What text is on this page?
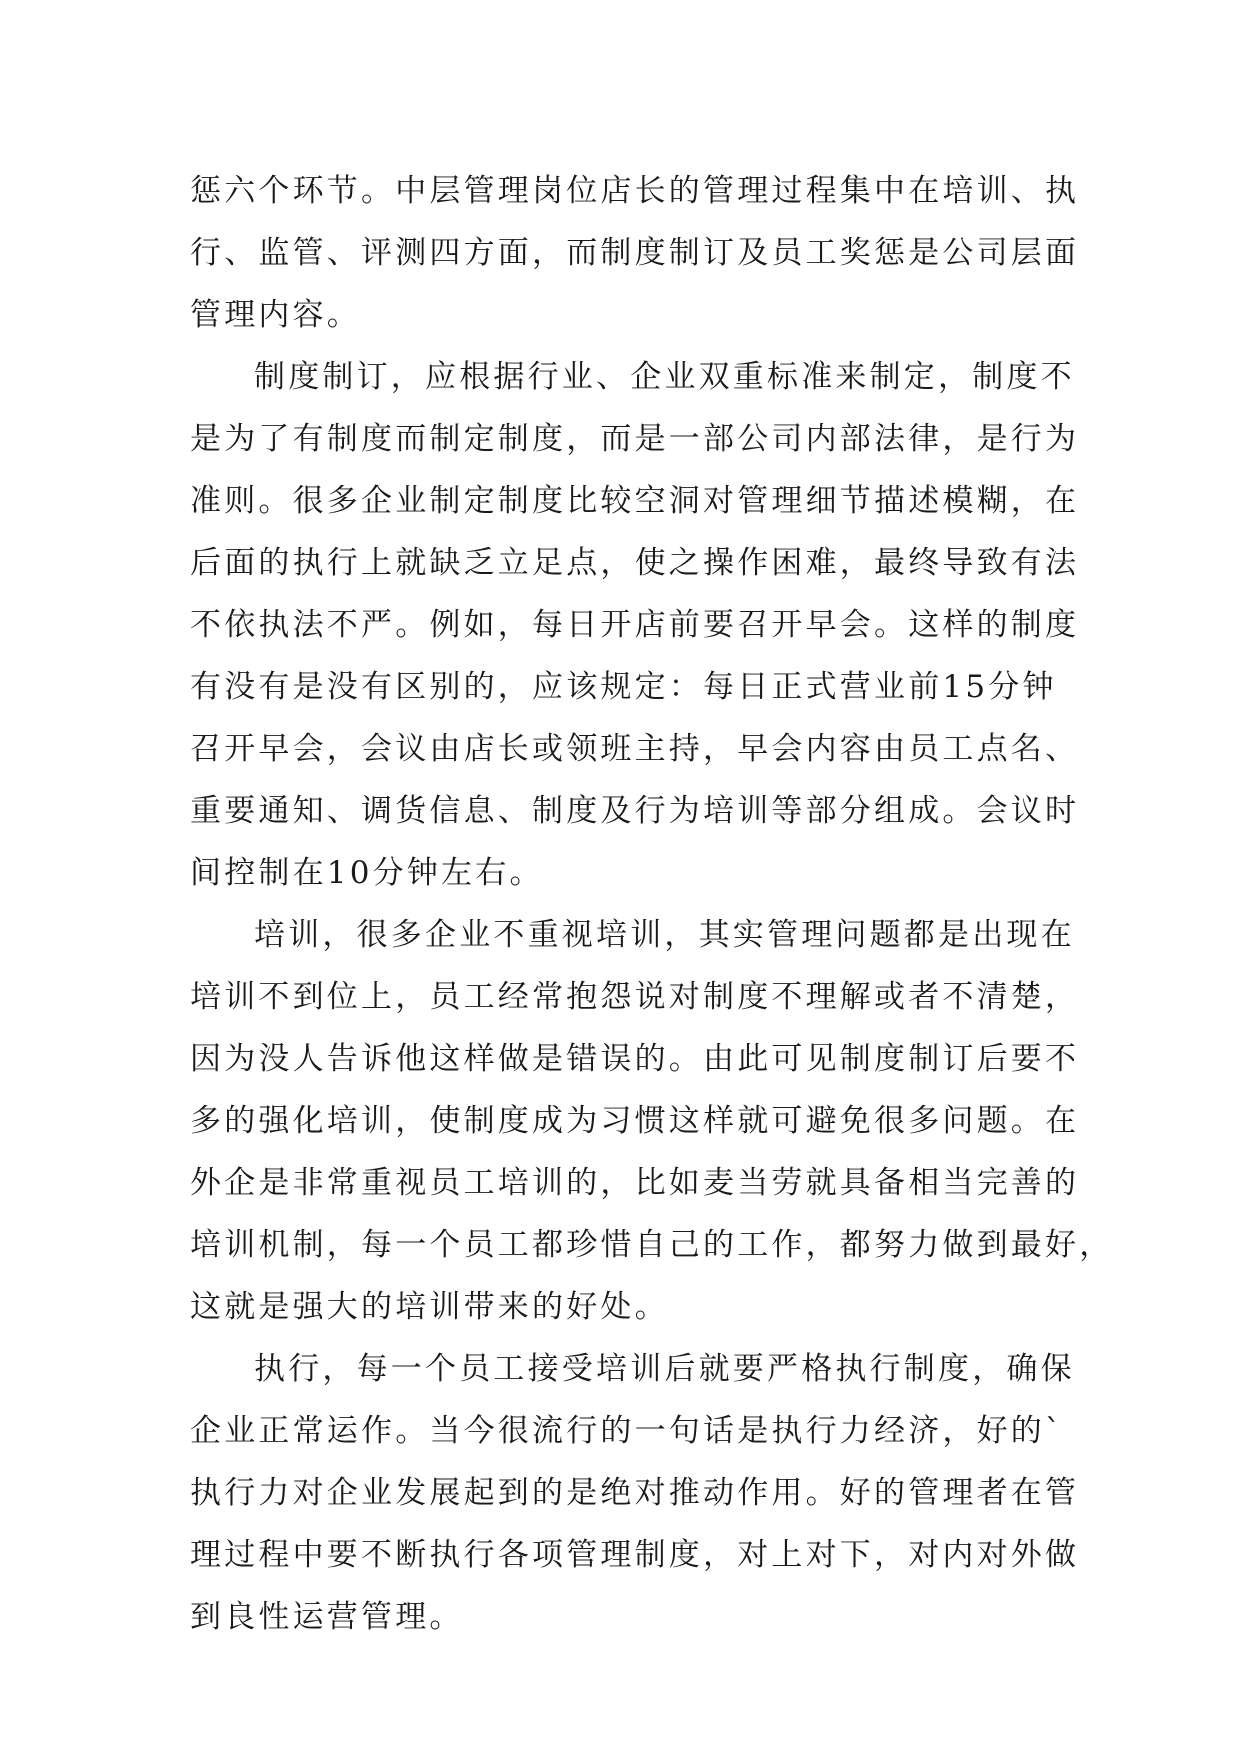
惩六个环节。中层管理岗位店长的管理过程集中在培训、执
行、监管、评测四方面，而制度制订及员工奖惩是公司层面
管理内容。
制度制订，应根据行业、企业双重标准来制定，制度不
是为了有制度而制定制度，而是一部公司内部法律，是行为
准则。很多企业制定制度比较空洞对管理细节描述模糊，在
后面的执行上就缺乏立足点，使之操作困难，最终导致有法
不依执法不严。例如，每日开店前要召开早会。这样的制度
有没有是没有区别的，应该规定：每日正式营业前15分钟
召开早会，会议由店长或领班主持，早会内容由员工点名、
重要通知、调货信息、制度及行为培训等部分组成。会议时
间控制在10分钟左右。
培训，很多企业不重视培训，其实管理问题都是出现在
培训不到位上，员工经常抱怨说对制度不理解或者不清楚，
因为没人告诉他这样做是错误的。由此可见制度制订后要不
多的强化培训，使制度成为习惯这样就可避免很多问题。在
外企是非常重视员工培训的，比如麦当劳就具备相当完善的
培训机制，每一个员工都珍惜自己的工作，都努力做到最好，
这就是强大的培训带来的好处。
执行，每一个员工接受培训后就要严格执行制度，确保
企业正常运作。当今很流行的一句话是执行力经济，好的`
执行力对企业发展起到的是绝对推动作用。好的管理者在管
理过程中要不断执行各项管理制度，对上对下，对内对外做
到良性运营管理。
